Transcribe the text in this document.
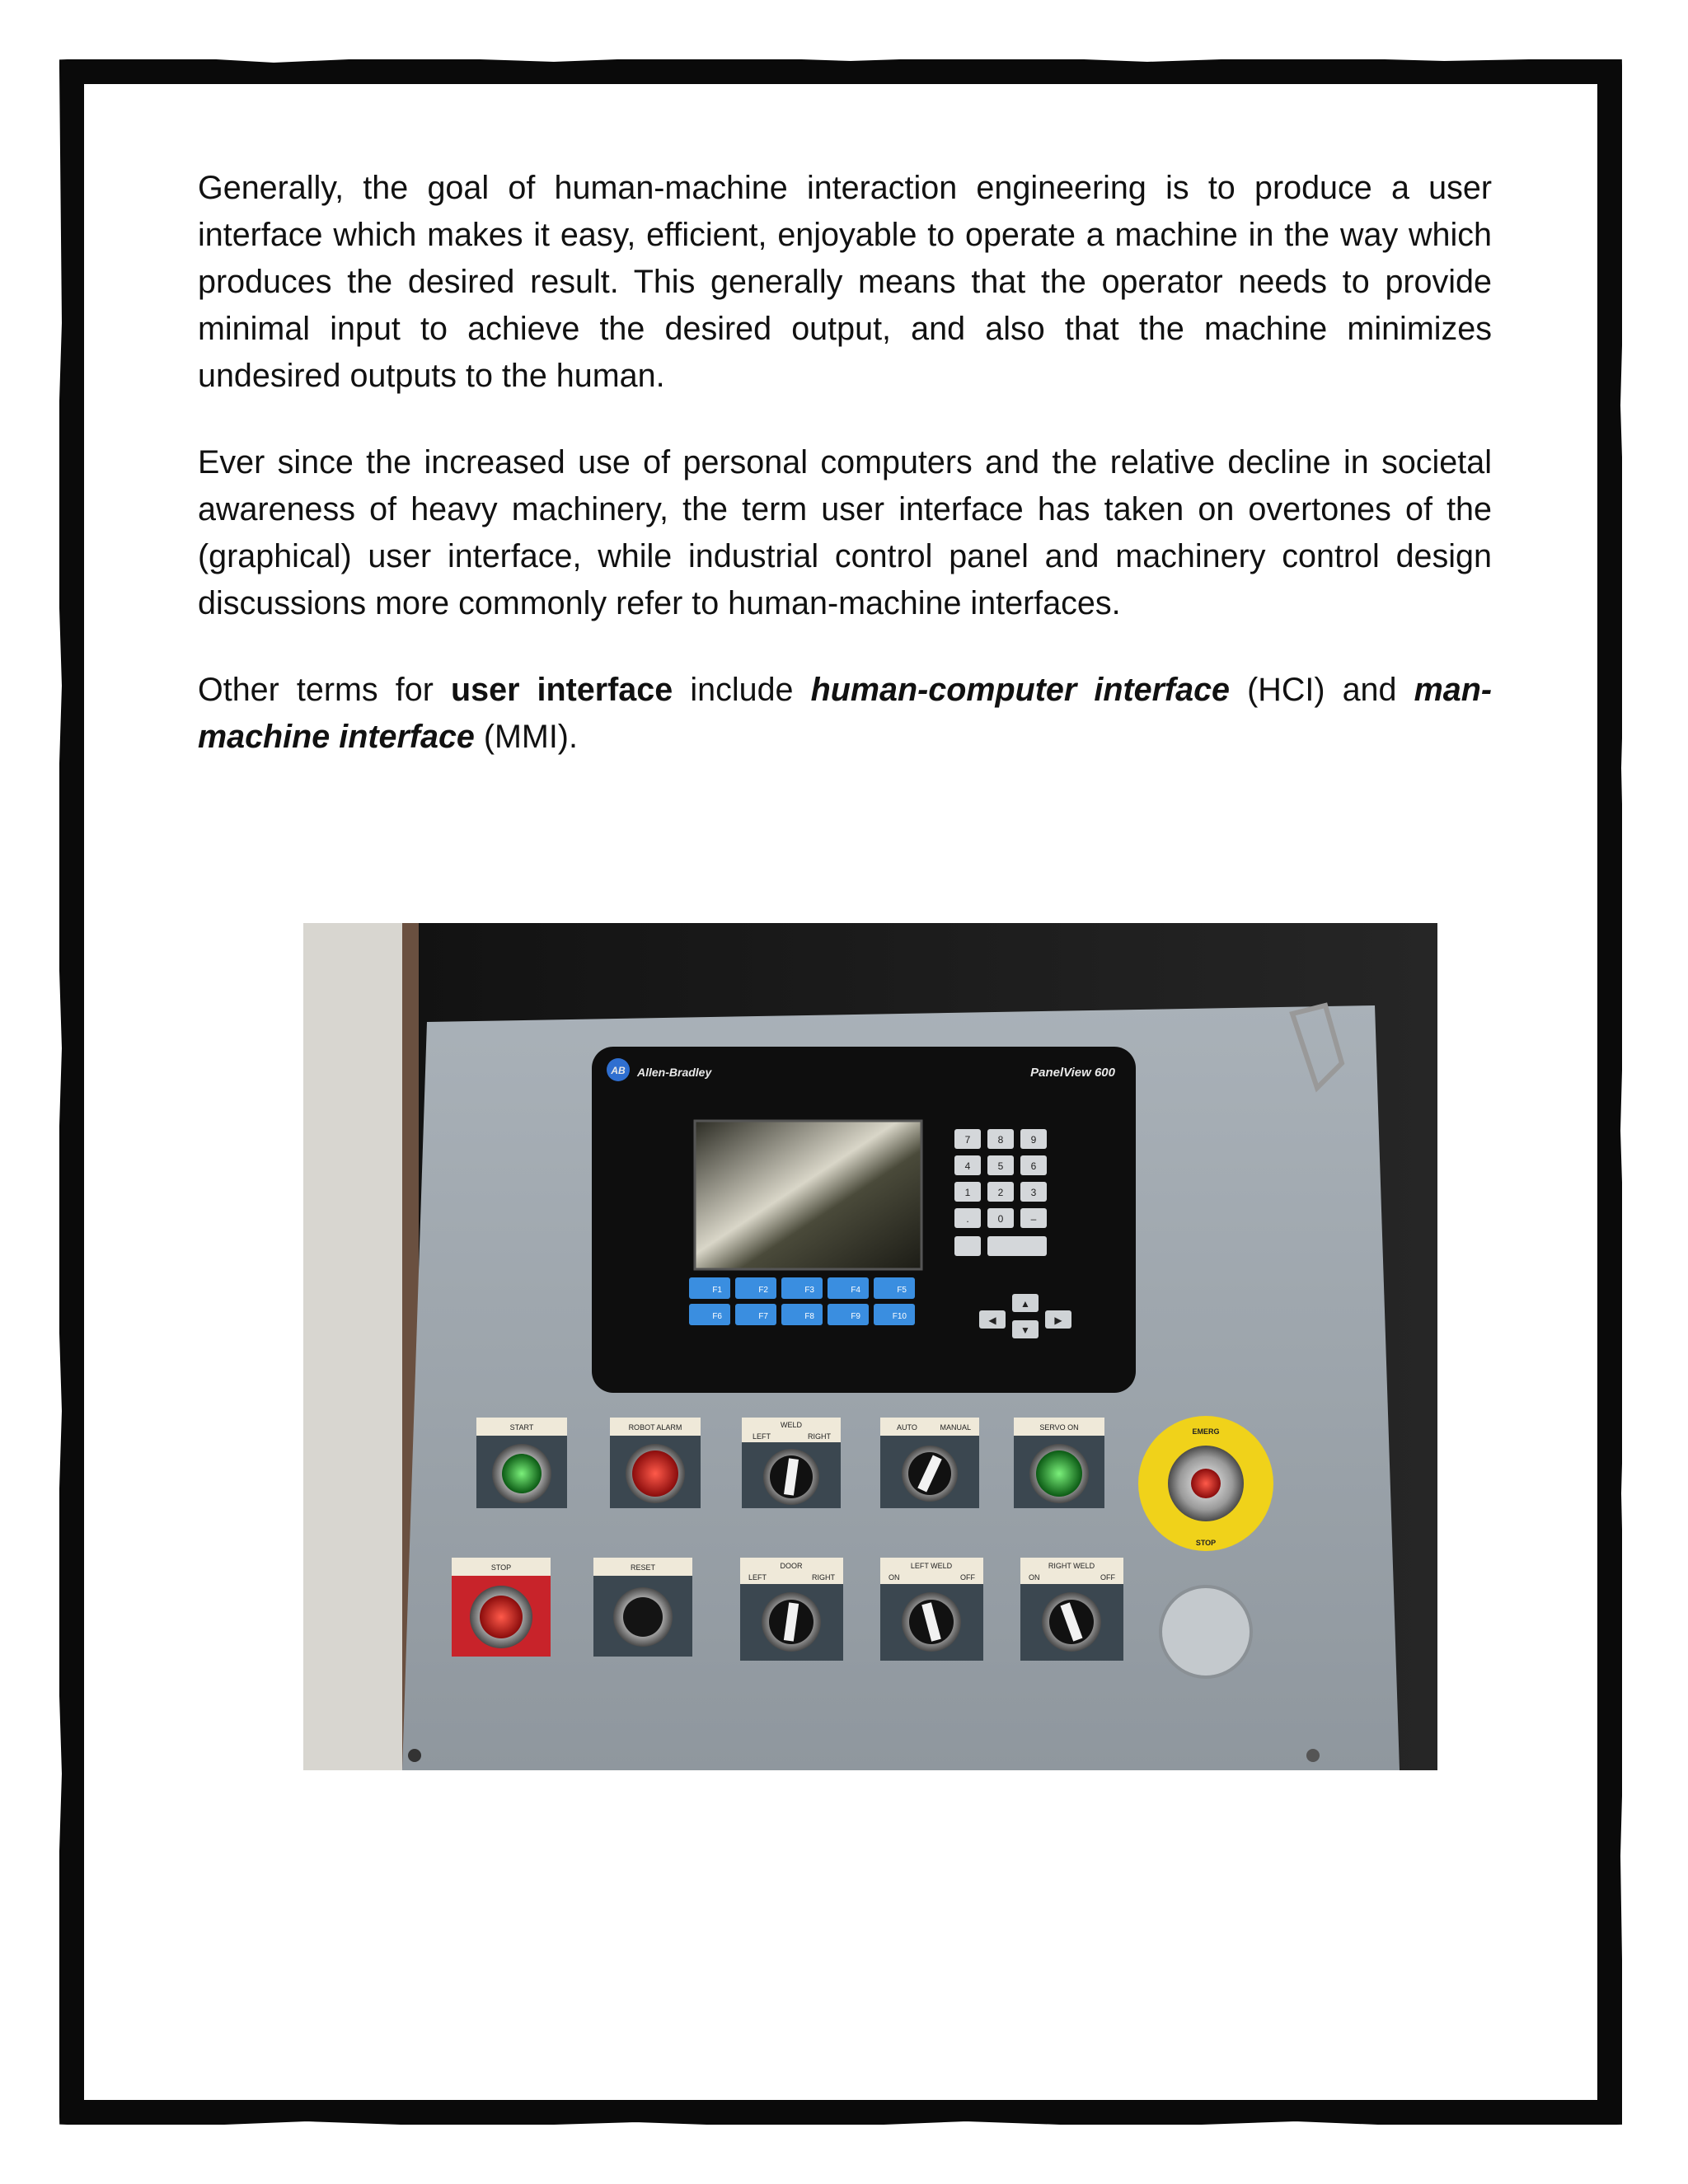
Generally, the goal of human-machine interaction engineering is to produce a user interface which makes it easy, efficient, enjoyable to operate a machine in the way which produces the desired result. This generally means that the operator needs to provide minimal input to achieve the desired output, and also that the machine minimizes undesired outputs to the human.

Ever since the increased use of personal computers and the relative decline in societal awareness of heavy machinery, the term user interface has taken on overtones of the (graphical) user interface, while industrial control panel and machinery control design discussions more commonly refer to human-machine interfaces.

Other terms for user interface include human-computer interface (HCI) and man-machine interface (MMI).

AB Allen-Bradley	PanelView 600
7	8	9
4	5	6
1	2	3
.	0	–
F1	F2	F3	F4	F5
F6	F7	F8	F9	F10	◀
▲
▼
▶
START	ROBOT ALARM	WELD
LEFT	RIGHT
AUTO	MANUAL	SERVO ON	EMERG
STOP
STOP	RESET	DOOR
LEFT	RIGHT
LEFT WELD
ON	OFF
RIGHT WELD
ON	OFF
